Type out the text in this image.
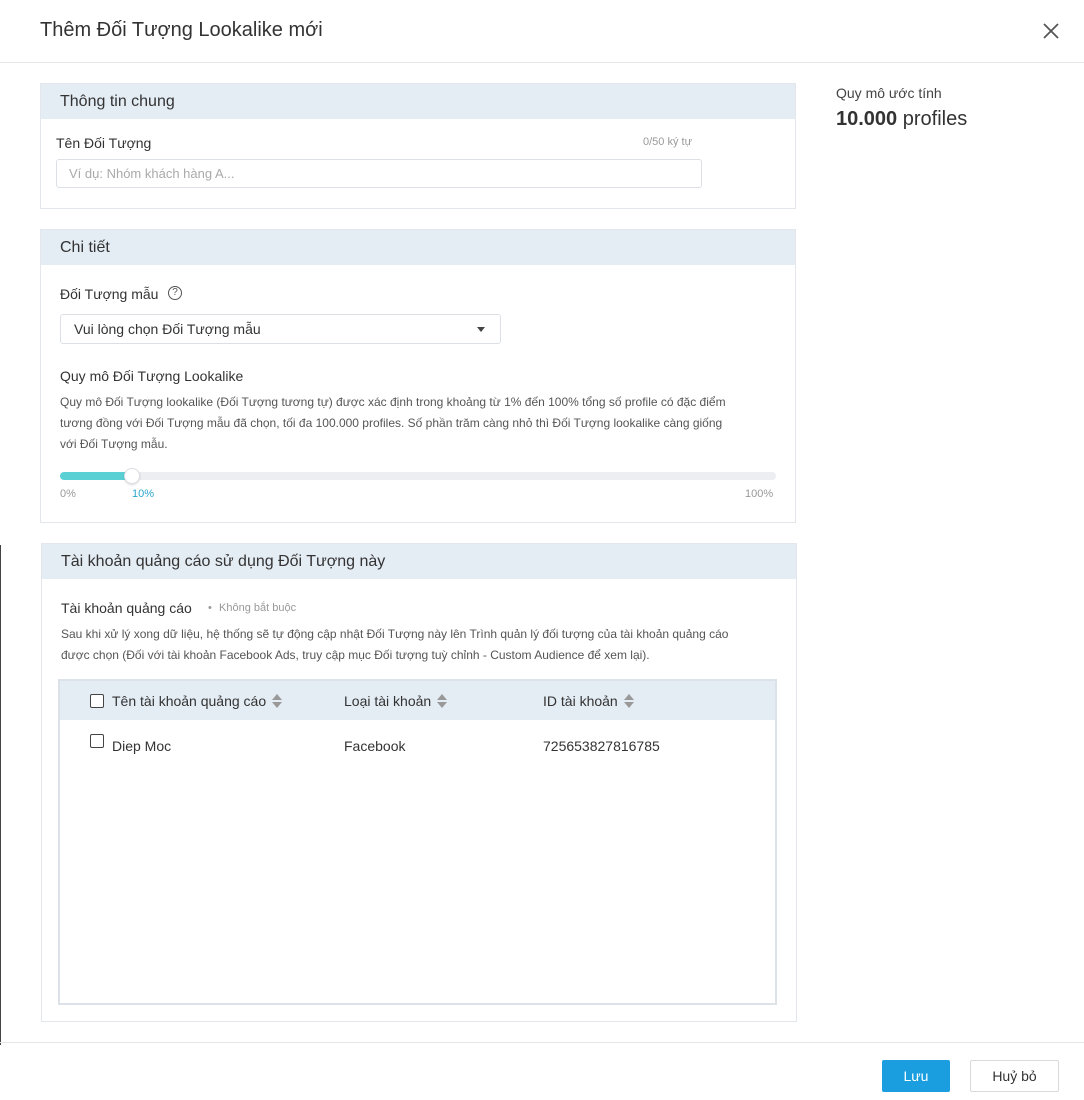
Thêm Đối Tượng Lookalike mới
Thông tin chung
Tên Đối Tượng	0/50 ký tự
Ví dụ: Nhóm khách hàng A...
Chi tiết
Đối Tượng mẫu	?
Vui lòng chọn Đối Tượng mẫu
Quy mô Đối Tượng Lookalike
Quy mô Đối Tượng lookalike (Đối Tượng tương tự) được xác định trong khoảng từ 1% đến 100% tổng số profile có đặc điểm
tương đồng với Đối Tượng mẫu đã chọn, tối đa 100.000 profiles. Số phần trăm càng nhỏ thì Đối Tượng lookalike càng giống
với Đối Tượng mẫu.
0%	10%	100%
Tài khoản quảng cáo sử dụng Đối Tượng này
Tài khoản quảng cáo • Không bắt buộc
Sau khi xử lý xong dữ liệu, hệ thống sẽ tự động cập nhật Đối Tượng này lên Trình quản lý đối tượng của tài khoản quảng cáo
được chọn (Đối với tài khoản Facebook Ads, truy cập mục Đối tượng tuỳ chỉnh - Custom Audience để xem lại).
Tên tài khoản quảng cáo	Loại tài khoản	ID tài khoản
Diep Moc	Facebook	725653827816785
Quy mô ước tính
10.000 profiles
Lưu	Huỷ bỏ
